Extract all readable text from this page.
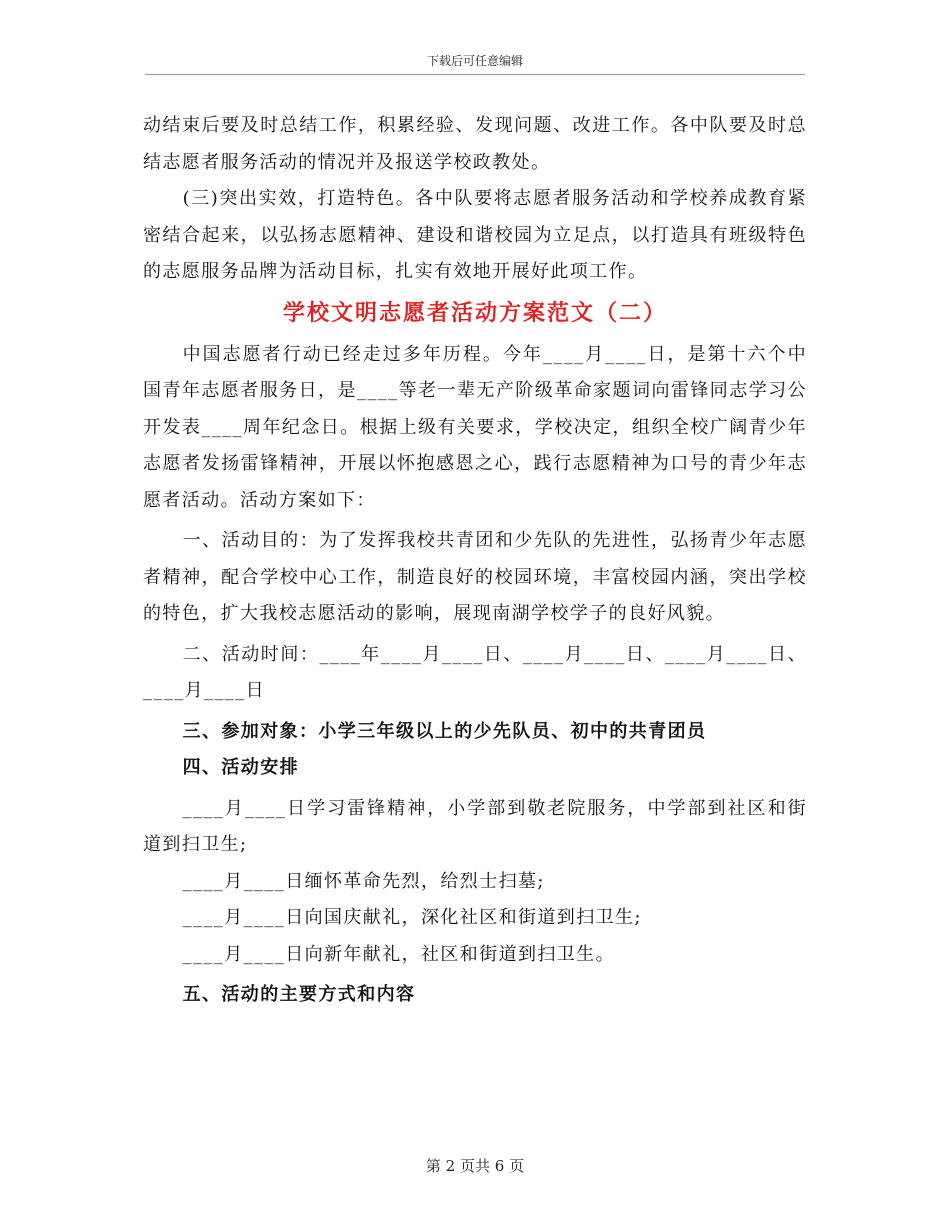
下载后可任意编辑

动结束后要及时总结工作，积累经验、发现问题、改进工作。各中队要及时总结志愿者服务活动的情况并及报送学校政教处。

(三)突出实效，打造特色。各中队要将志愿者服务活动和学校养成教育紧密结合起来，以弘扬志愿精神、建设和谐校园为立足点，以打造具有班级特色的志愿服务品牌为活动目标，扎实有效地开展好此项工作。

学校文明志愿者活动方案范文（二）

中国志愿者行动已经走过多年历程。今年____月____日，是第十六个中国青年志愿者服务日，是____等老一辈无产阶级革命家题词向雷锋同志学习公开发表____周年纪念日。根据上级有关要求，学校决定，组织全校广阔青少年志愿者发扬雷锋精神，开展以怀抱感恩之心，践行志愿精神为口号的青少年志愿者活动。活动方案如下：

一、活动目的：为了发挥我校共青团和少先队的先进性，弘扬青少年志愿者精神，配合学校中心工作，制造良好的校园环境，丰富校园内涵，突出学校的特色，扩大我校志愿活动的影响，展现南湖学校学子的良好风貌。

二、活动时间：____年____月____日、____月____日、____月____日、____月____日

三、参加对象：小学三年级以上的少先队员、初中的共青团员

四、活动安排

____月____日学习雷锋精神，小学部到敬老院服务，中学部到社区和街道到扫卫生;

____月____日缅怀革命先烈，给烈士扫墓;

____月____日向国庆献礼，深化社区和街道到扫卫生;

____月____日向新年献礼，社区和街道到扫卫生。

五、活动的主要方式和内容

第 2 页共 6 页
